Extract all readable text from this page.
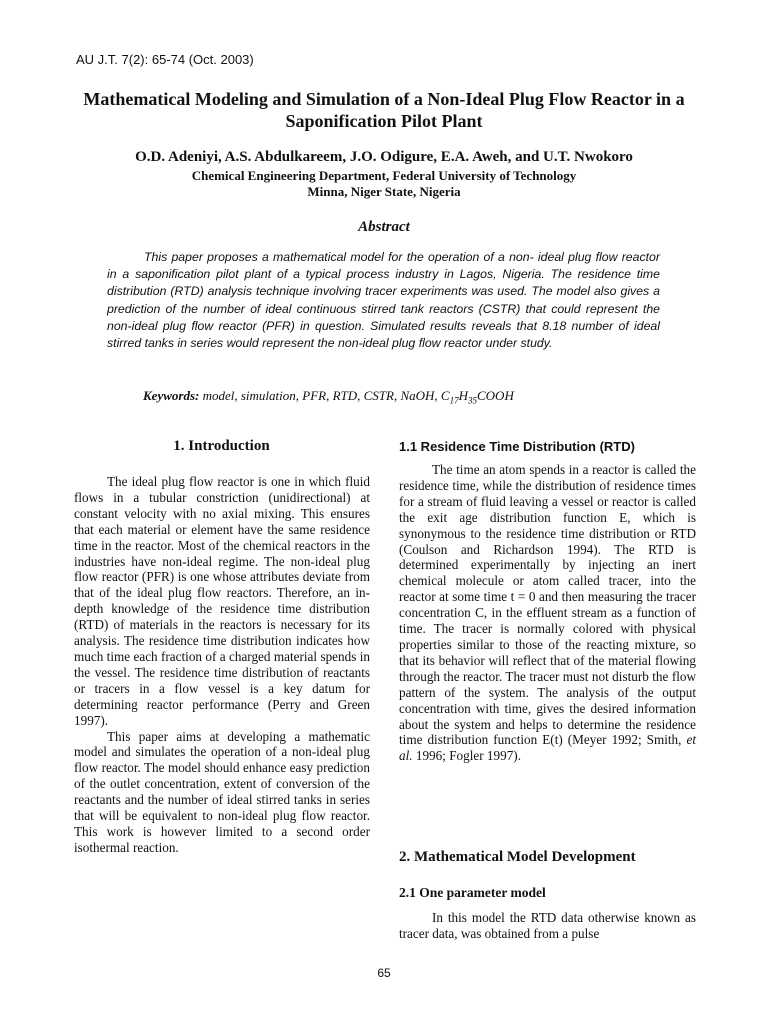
AU J.T. 7(2): 65-74 (Oct. 2003)
Mathematical Modeling and Simulation of a Non-Ideal Plug Flow Reactor in a Saponification Pilot Plant
O.D. Adeniyi, A.S. Abdulkareem, J.O. Odigure, E.A. Aweh, and U.T. Nwokoro
Chemical Engineering Department, Federal University of Technology
Minna, Niger State, Nigeria
Abstract

This paper proposes a mathematical model for the operation of a non- ideal plug flow reactor in a saponification pilot plant of a typical process industry in Lagos, Nigeria. The residence time distribution (RTD) analysis technique involving tracer experiments was used. The model also gives a prediction of the number of ideal continuous stirred tank reactors (CSTR) that could represent the non-ideal plug flow reactor (PFR) in question. Simulated results reveals that 8.18 number of ideal stirred tanks in series would represent the non-ideal plug flow reactor under study.

Keywords: model, simulation, PFR, RTD, CSTR, NaOH, $C_{17}H_{35}COOH$
1. Introduction

The ideal plug flow reactor is one in which fluid flows in a tubular constriction (unidirectional) at constant velocity with no axial mixing. This ensures that each material or element have the same residence time in the reactor. Most of the chemical reactors in the industries have non-ideal regime. The non-ideal plug flow reactor (PFR) is one whose attributes deviate from that of the ideal plug flow reactors. Therefore, an in-depth knowledge of the residence time distribution (RTD) of materials in the reactors is necessary for its analysis. The residence time distribution indicates how much time each fraction of a charged material spends in the vessel. The residence time distribution of reactants or tracers in a flow vessel is a key datum for determining reactor performance (Perry and Green 1997).

This paper aims at developing a mathematic model and simulates the operation of a non-ideal plug flow reactor. The model should enhance easy prediction of the outlet concentration, extent of conversion of the reactants and the number of ideal stirred tanks in series that will be equivalent to non-ideal plug flow reactor. This work is however limited to a second order isothermal reaction.

1.1 Residence Time Distribution (RTD)

The time an atom spends in a reactor is called the residence time, while the distribution of residence times for a stream of fluid leaving a vessel or reactor is called the exit age distribution function E, which is synonymous to the residence time distribution or RTD (Coulson and Richardson 1994). The RTD is determined experimentally by injecting an inert chemical molecule or atom called tracer, into the reactor at some time t = 0 and then measuring the tracer concentration C, in the effluent stream as a function of time. The tracer is normally colored with physical properties similar to those of the reacting mixture, so that its behavior will reflect that of the material flowing through the reactor. The tracer must not disturb the flow pattern of the system. The analysis of the output concentration with time, gives the desired information about the system and helps to determine the residence time distribution function E(t) (Meyer 1992; Smith, et al. 1996; Fogler 1997).

2. Mathematical Model Development
2.1 One parameter model

In this model the RTD data otherwise known as tracer data, was obtained from a pulse

65
